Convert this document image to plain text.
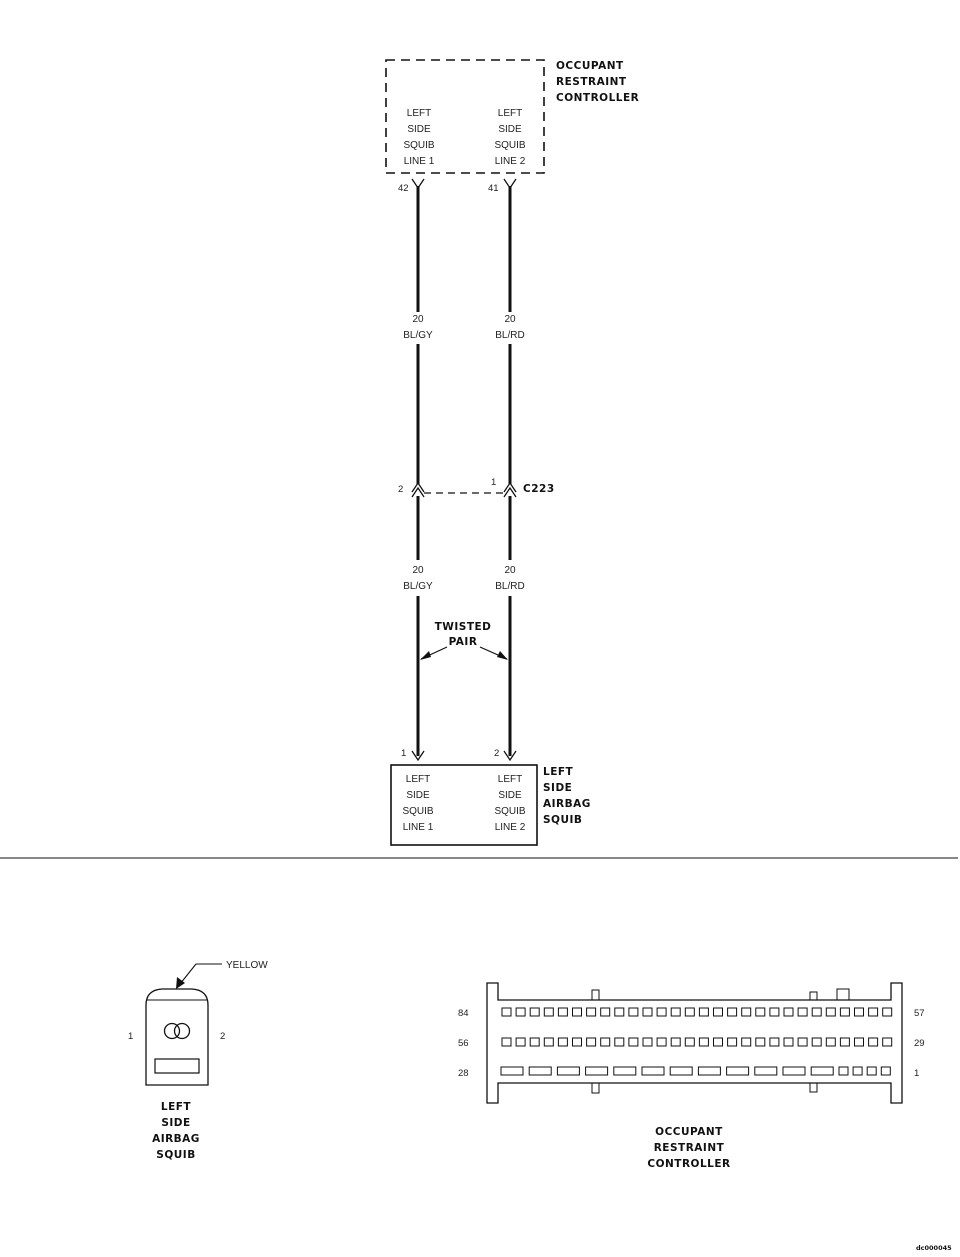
OCCUPANT
RESTRAINT
CONTROLLER
LEFT
SIDE
SQUIB
LINE 1
LEFT
SIDE
SQUIB
LINE 2
42	41
20
BL/GY
20
BL/RD
2
1
C223
20
BL/GY
20
BL/RD
TWISTED
PAIR
1	2
LEFT
SIDE
SQUIB
LINE 1
LEFT
SIDE
SQUIB
LINE 2
LEFT
SIDE
AIRBAG
SQUIB
1	2
YELLOW
LEFT
SIDE
AIRBAG
SQUIB
84
56
28
57
29
1
OCCUPANT
RESTRAINT
CONTROLLER
dc000045
